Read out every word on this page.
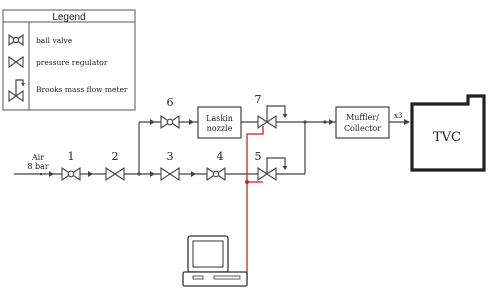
Legend
ball valve
pressure regulator
Brooks mass flow meter
Laskin
nozzle
Muffler/
Collector
x3
TVC
Air
8 bar
1	2	3	4	5
6	7
